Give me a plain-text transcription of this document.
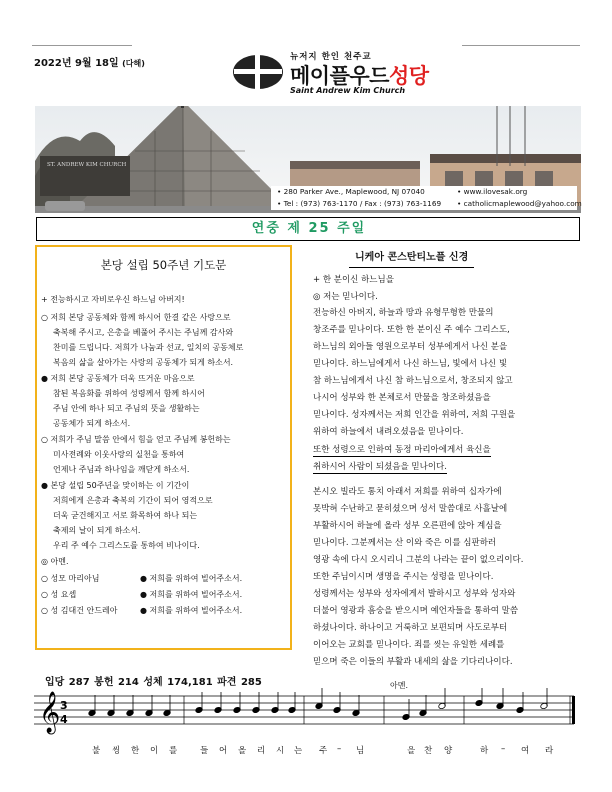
2022년 9월 18일 (다해)
뉴저지 한인 천주교
메이플우드성당
Saint Andrew Kim Church
ST. ANDREW KIM CHURCH
• 280 Parker Ave., Maplewood, NJ 07040	• www.ilovesak.org
• Tel : (973) 763-1170 / Fax : (973) 763-1169 • catholicmaplewood@yahoo.com
연중 제 25 주일
본당 설립 50주년 기도문
+ 전능하시고 자비로우신 하느님 아버지!
○ 저희 본당 공동체와 함께 하시어 한결 같은 사랑으로
축복해 주시고, 은총을 베풀어 주시는 주님께 감사와
찬미를 드립니다. 저희가 나눔과 선교, 일치의 공동체로
복음의 삶을 살아가는 사랑의 공동체가 되게 하소서.
● 저희 본당 공동체가 더욱 뜨거운 마음으로
참된 복음화를 위하여 성령께서 함께 하시어
주님 안에 하나 되고 주님의 뜻을 생활하는
공동체가 되게 하소서.
○ 저희가 주님 말씀 안에서 힘을 얻고 주님께 봉헌하는
미사전례와 이웃사랑의 실천을 통하여
언제나 주님과 하나임을 깨닫게 하소서.
● 본당 설립 50주년을 맞이하는 이 기간이
저희에게 은총과 축복의 기간이 되어 영적으로
더욱 굳건해지고 서로 화목하여 하나 되는
축제의 날이 되게 하소서.
우리 주 예수 그리스도를 통하여 비나이다.
◎ 아멘.
○ 성모 마리아님	● 저희를 위하여 빌어주소서.
○ 성 요셉	● 저희를 위하여 빌어주소서.
○ 성 김대건 안드레아	● 저희를 위하여 빌어주소서.
니케아 콘스탄티노플 신경
+ 한 분이신 하느님을
◎ 저는 믿나이다.
전능하신 아버지, 하늘과 땅과 유형무형한 만물의
창조주를 믿나이다. 또한 한 분이신 주 예수 그리스도,
하느님의 외아들 영원으로부터 성부에게서 나신 분을
믿나이다. 하느님에게서 나신 하느님, 빛에서 나신 빛
참 하느님에게서 나신 참 하느님으로서, 창조되지 않고
나시어 성부와 한 본체로서 만물을 창조하셨음을
믿나이다. 성자께서는 저희 인간을 위하여, 저희 구원을
위하여 하늘에서 내려오셨음을 믿나이다.
또한 성령으로 인하여 동정 마리아에게서 육신을
취하시어 사람이 되셨음을 믿나이다.
본시오 빌라도 통치 아래서 저희를 위하여 십자가에
못박혀 수난하고 묻히셨으며 성서 말씀대로 사흘날에
부활하시어 하늘에 올라 성부 오른편에 앉아 계심을
믿나이다. 그분께서는 산 이와 죽은 이를 심판하러
영광 속에 다시 오시리니 그분의 나라는 끝이 없으리이다.
또한 주님이시며 생명을 주시는 성령을 믿나이다.
성령께서는 성부와 성자에게서 발하시고 성부와 성자와
더불어 영광과 흠숭을 받으시며 예언자들을 통하여 말씀
하셨나이다. 하나이고 거룩하고 보편되며 사도로부터
이어오는 교회를 믿나이다. 죄를 씻는 유일한 세례를
믿으며 죽은 이들의 부활과 내세의 삶을 기다리나이다.
입당 287 봉헌 214 성체 174,181 파견 285	아멘.
𝄞 3
4
불 씽 한 이 를	들 어 올 리 시 는 주 – 님	을 찬 양	하 – 여 라
